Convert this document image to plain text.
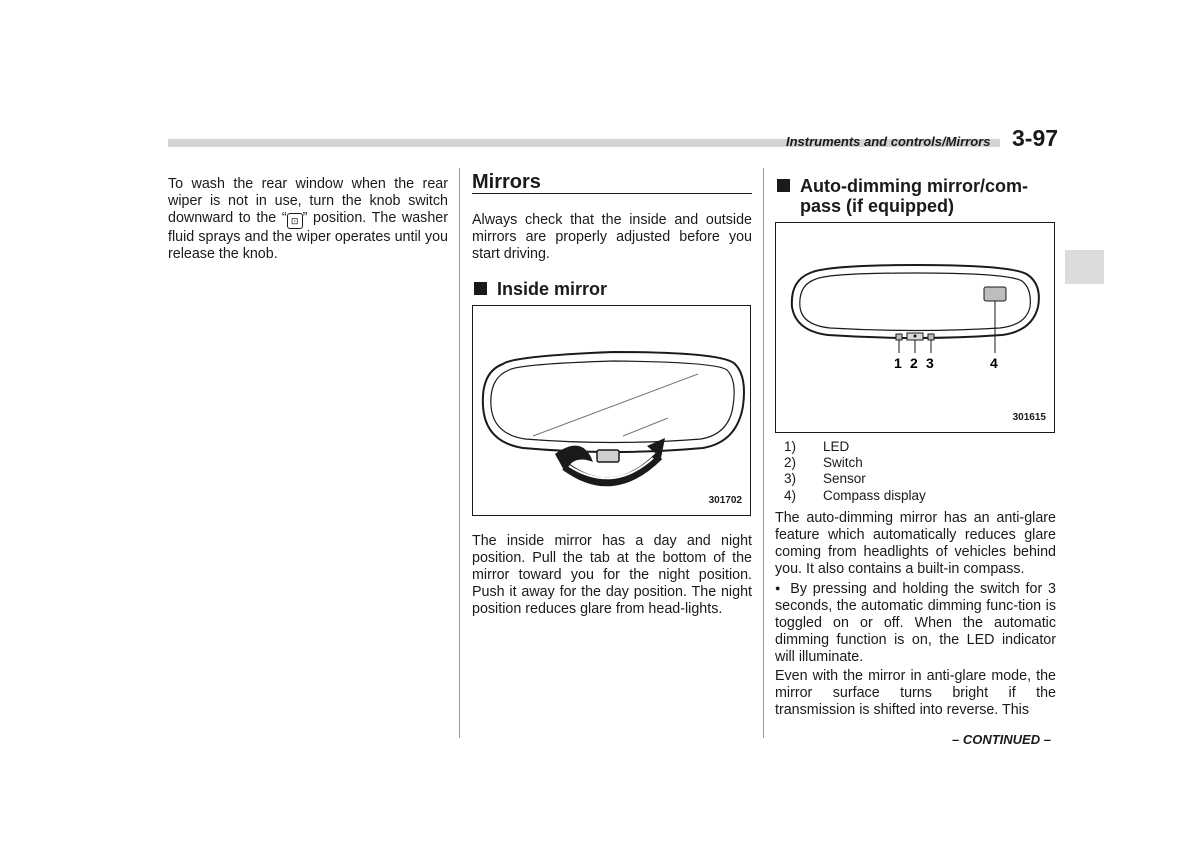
Instruments and controls/Mirrors 3-97

To wash the rear window when the rear wiper is not in use, turn the knob switch downward to the “ ⊡ ” position. The washer fluid sprays and the wiper operates until you release the knob.

Mirrors

Always check that the inside and outside mirrors are properly adjusted before you start driving.

Inside mirror
301702

The inside mirror has a day and night position. Pull the tab at the bottom of the mirror toward you for the night position. Push it away for the day position. The night position reduces glare from head-lights.

Auto-dimming mirror/com-pass (if equipped)
1 2 3	4
301615
1)	LED
2)	Switch
3)	Sensor
4)	Compass display

The auto-dimming mirror has an anti-glare feature which automatically reduces glare coming from headlights of vehicles behind you. It also contains a built-in compass.

● By pressing and holding the switch for 3 seconds, the automatic dimming func-tion is toggled on or off. When the automatic dimming function is on, the LED indicator will illuminate.

Even with the mirror in anti-glare mode, the mirror surface turns bright if the transmission is shifted into reverse. This

– CONTINUED –
